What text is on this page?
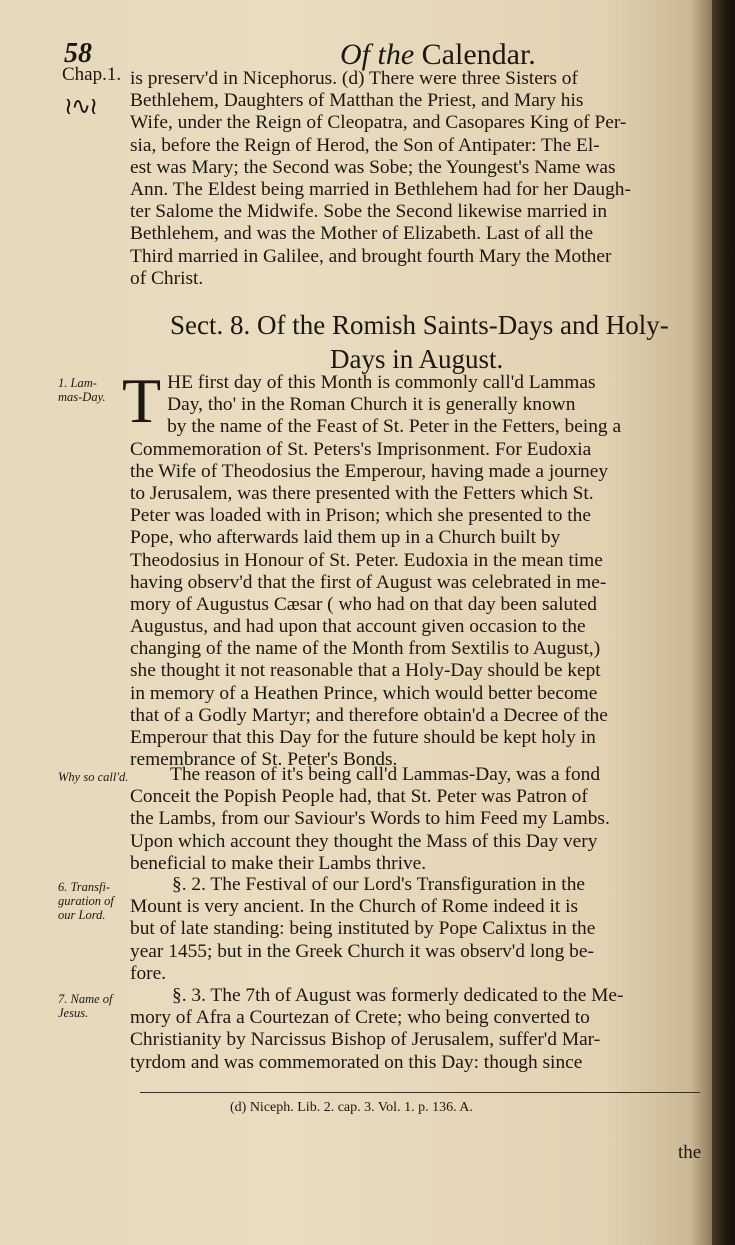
58	Of the Calendar.
Chap.1.
≀∿≀
is preserv'd in Nicephorus. (d) There were three Sisters of
Bethlehem, Daughters of Matthan the Priest, and Mary his
Wife, under the Reign of Cleopatra, and Casopares King of Per-
sia, before the Reign of Herod, the Son of Antipater: The El-
est was Mary; the Second was Sobe; the Youngest's Name was
Ann. The Eldest being married in Bethlehem had for her Daugh-
ter Salome the Midwife. Sobe the Second likewise married in
Bethlehem, and was the Mother of Elizabeth. Last of all the
Third married in Galilee, and brought fourth Mary the Mother
of Christ.
Sect. 8. Of the Romish Saints-Days and Holy-
Days in August.
1. Lam-
mas-Day. T HE first day of this Month is commonly call'd Lammas
Day, tho' in the Roman Church it is generally known
by the name of the Feast of St. Peter in the Fetters, being a
Commemoration of St. Peters's Imprisonment. For Eudoxia
the Wife of Theodosius the Emperour, having made a journey
to Jerusalem, was there presented with the Fetters which St.
Peter was loaded with in Prison; which she presented to the
Pope, who afterwards laid them up in a Church built by
Theodosius in Honour of St. Peter. Eudoxia in the mean time
having observ'd that the first of August was celebrated in me-
mory of Augustus Cæsar ( who had on that day been saluted
Augustus, and had upon that account given occasion to the
changing of the name of the Month from Sextilis to August,)
she thought it not reasonable that a Holy-Day should be kept
in memory of a Heathen Prince, which would better become
that of a Godly Martyr; and therefore obtain'd a Decree of the
Emperour that this Day for the future should be kept holy in
remembrance of St. Peter's Bonds.
Why so call'd.	The reason of it's being call'd Lammas-Day, was a fond
Conceit the Popish People had, that St. Peter was Patron of
the Lambs, from our Saviour's Words to him Feed my Lambs.
Upon which account they thought the Mass of this Day very
beneficial to make their Lambs thrive.
6. Transfi-
guration of
our Lord.
§. 2. The Festival of our Lord's Transfiguration in the
Mount is very ancient. In the Church of Rome indeed it is
but of late standing: being instituted by Pope Calixtus in the
year 1455; but in the Greek Church it was observ'd long be-
fore.
7. Name of
Jesus.
§. 3. The 7th of August was formerly dedicated to the Me-
mory of Afra a Courtezan of Crete; who being converted to
Christianity by Narcissus Bishop of Jerusalem, suffer'd Mar-
tyrdom and was commemorated on this Day: though since
(d) Niceph. Lib. 2. cap. 3. Vol. 1. p. 136. A.
the
